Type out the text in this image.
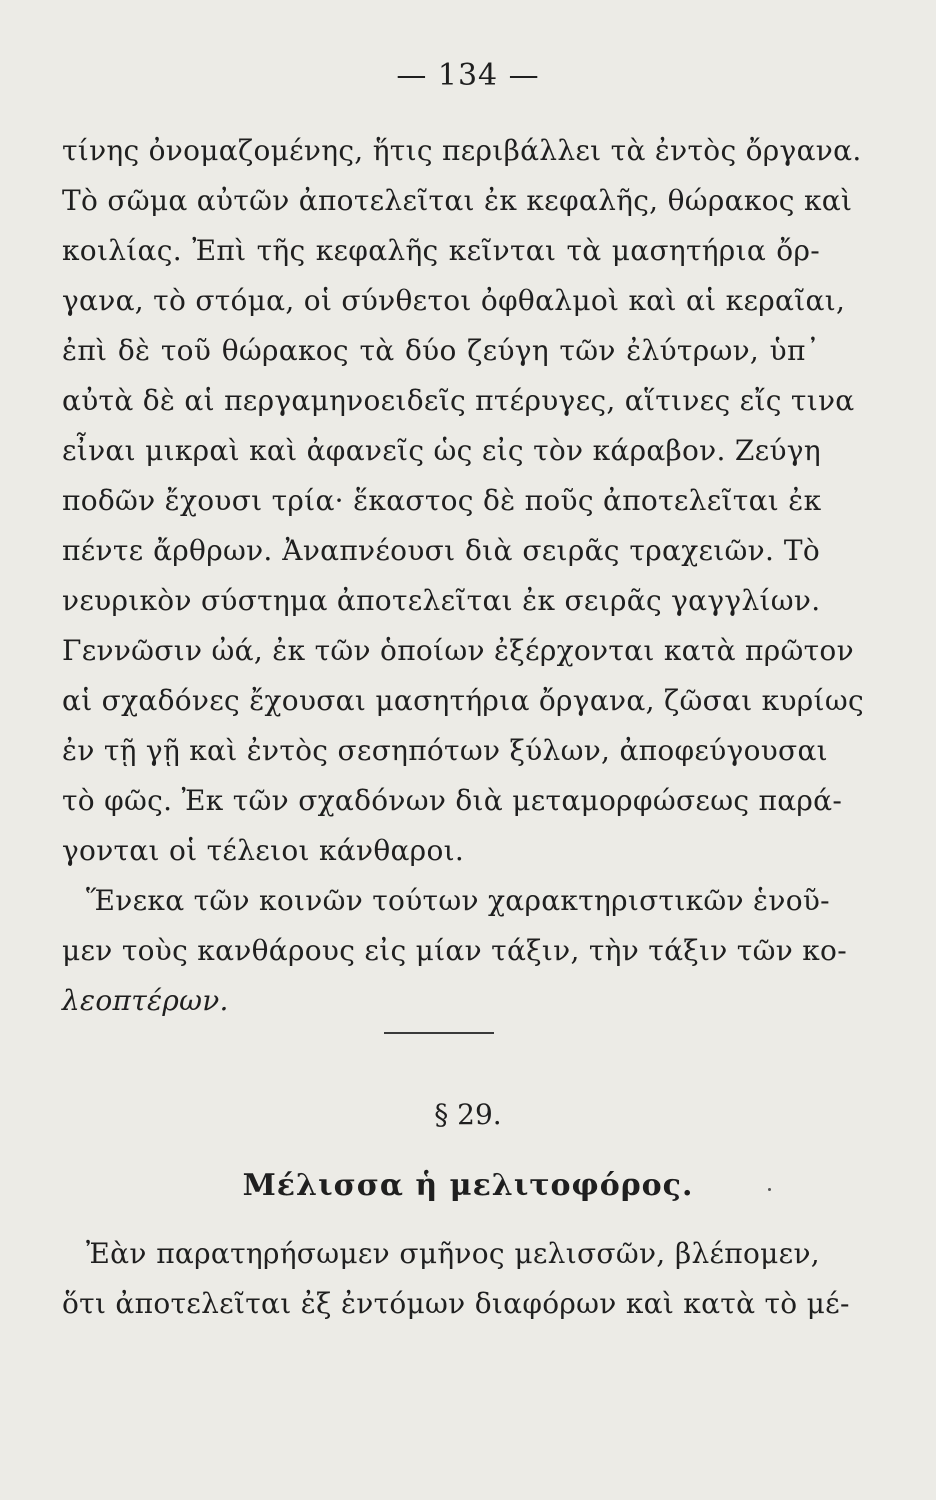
— 134 —
τίνης ὀνομαζομένης, ἥτις περιβάλλει τὰ ἐντὸς ὄργανα.
Τὸ σῶμα αὐτῶν ἀποτελεῖται ἐκ κεφαλῆς, θώρακος καὶ
κοιλίας. Ἐπὶ τῆς κεφαλῆς κεῖνται τὰ μασητήρια ὄρ-
γανα, τὸ στόμα, οἱ σύνθετοι ὀφθαλμοὶ καὶ αἱ κεραῖαι,
ἐπὶ δὲ τοῦ θώρακος τὰ δύο ζεύγη τῶν ἐλύτρων, ὑπ᾽
αὐτὰ δὲ αἱ περγαμηνοειδεῖς πτέρυγες, αἵτινες εἴς τινα
εἶναι μικραὶ καὶ ἀφανεῖς ὡς εἰς τὸν κάραβον. Ζεύγη
ποδῶν ἔχουσι τρία· ἕκαστος δὲ ποῦς ἀποτελεῖται ἐκ
πέντε ἄρθρων. Ἀναπνέουσι διὰ σειρᾶς τραχειῶν. Τὸ
νευρικὸν σύστημα ἀποτελεῖται ἐκ σειρᾶς γαγγλίων.
Γεννῶσιν ὠά, ἐκ τῶν ὁποίων ἐξέρχονται κατὰ πρῶτον
αἱ σχαδόνες ἔχουσαι μασητήρια ὄργανα, ζῶσαι κυρίως
ἐν τῇ γῇ καὶ ἐντὸς σεσηπότων ξύλων, ἀποφεύγουσαι
τὸ φῶς. Ἐκ τῶν σχαδόνων διὰ μεταμορφώσεως παρά-
γονται οἱ τέλειοι κάνθαροι.
Ἕνεκα τῶν κοινῶν τούτων χαρακτηριστικῶν ἑνοῦ-
μεν τοὺς κανθάρους εἰς μίαν τάξιν, τὴν τάξιν τῶν κο-
λεοπτέρων.
§ 29.
Μέλισσα ἡ μελιτοφόρος.
Ἐὰν παρατηρήσωμεν σμῆνος μελισσῶν, βλέπομεν,
ὅτι ἀποτελεῖται ἐξ ἐντόμων διαφόρων καὶ κατὰ τὸ μέ-
